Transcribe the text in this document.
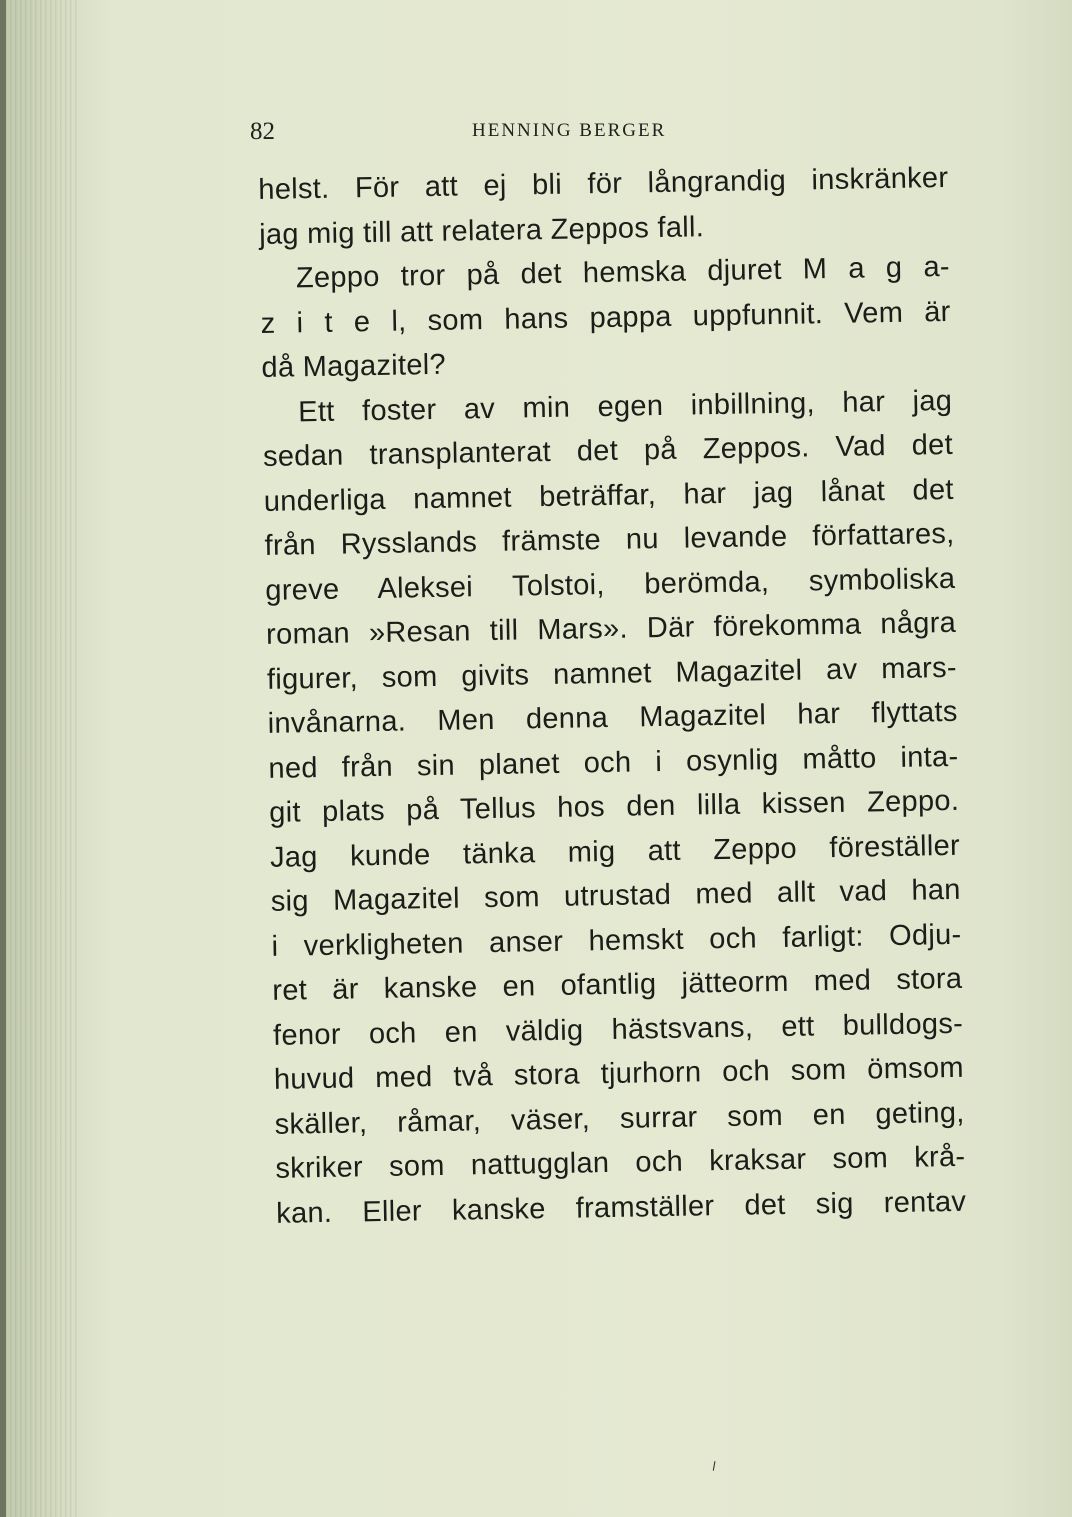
82	HENNING BERGER
helst. För att ej bli för långrandig inskränker
jag mig till att relatera Zeppos fall.
Zeppo tror på det hemska djuret M a g a-
z i t e l, som hans pappa uppfunnit. Vem är
då Magazitel?
Ett foster av min egen inbillning, har jag
sedan transplanterat det på Zeppos. Vad det
underliga namnet beträffar, har jag lånat det
från Rysslands främste nu levande författares,
greve Aleksei Tolstoi, berömda, symboliska
roman »Resan till Mars». Där förekomma några
figurer, som givits namnet Magazitel av mars-
invånarna. Men denna Magazitel har flyttats
ned från sin planet och i osynlig måtto inta-
git plats på Tellus hos den lilla kissen Zeppo.
Jag kunde tänka mig att Zeppo föreställer
sig Magazitel som utrustad med allt vad han
i verkligheten anser hemskt och farligt: Odju-
ret är kanske en ofantlig jätteorm med stora
fenor och en väldig hästsvans, ett bulldogs-
huvud med två stora tjurhorn och som ömsom
skäller, råmar, väser, surrar som en geting,
skriker som nattugglan och kraksar som krå-
kan. Eller kanske framställer det sig rentav
⸝
